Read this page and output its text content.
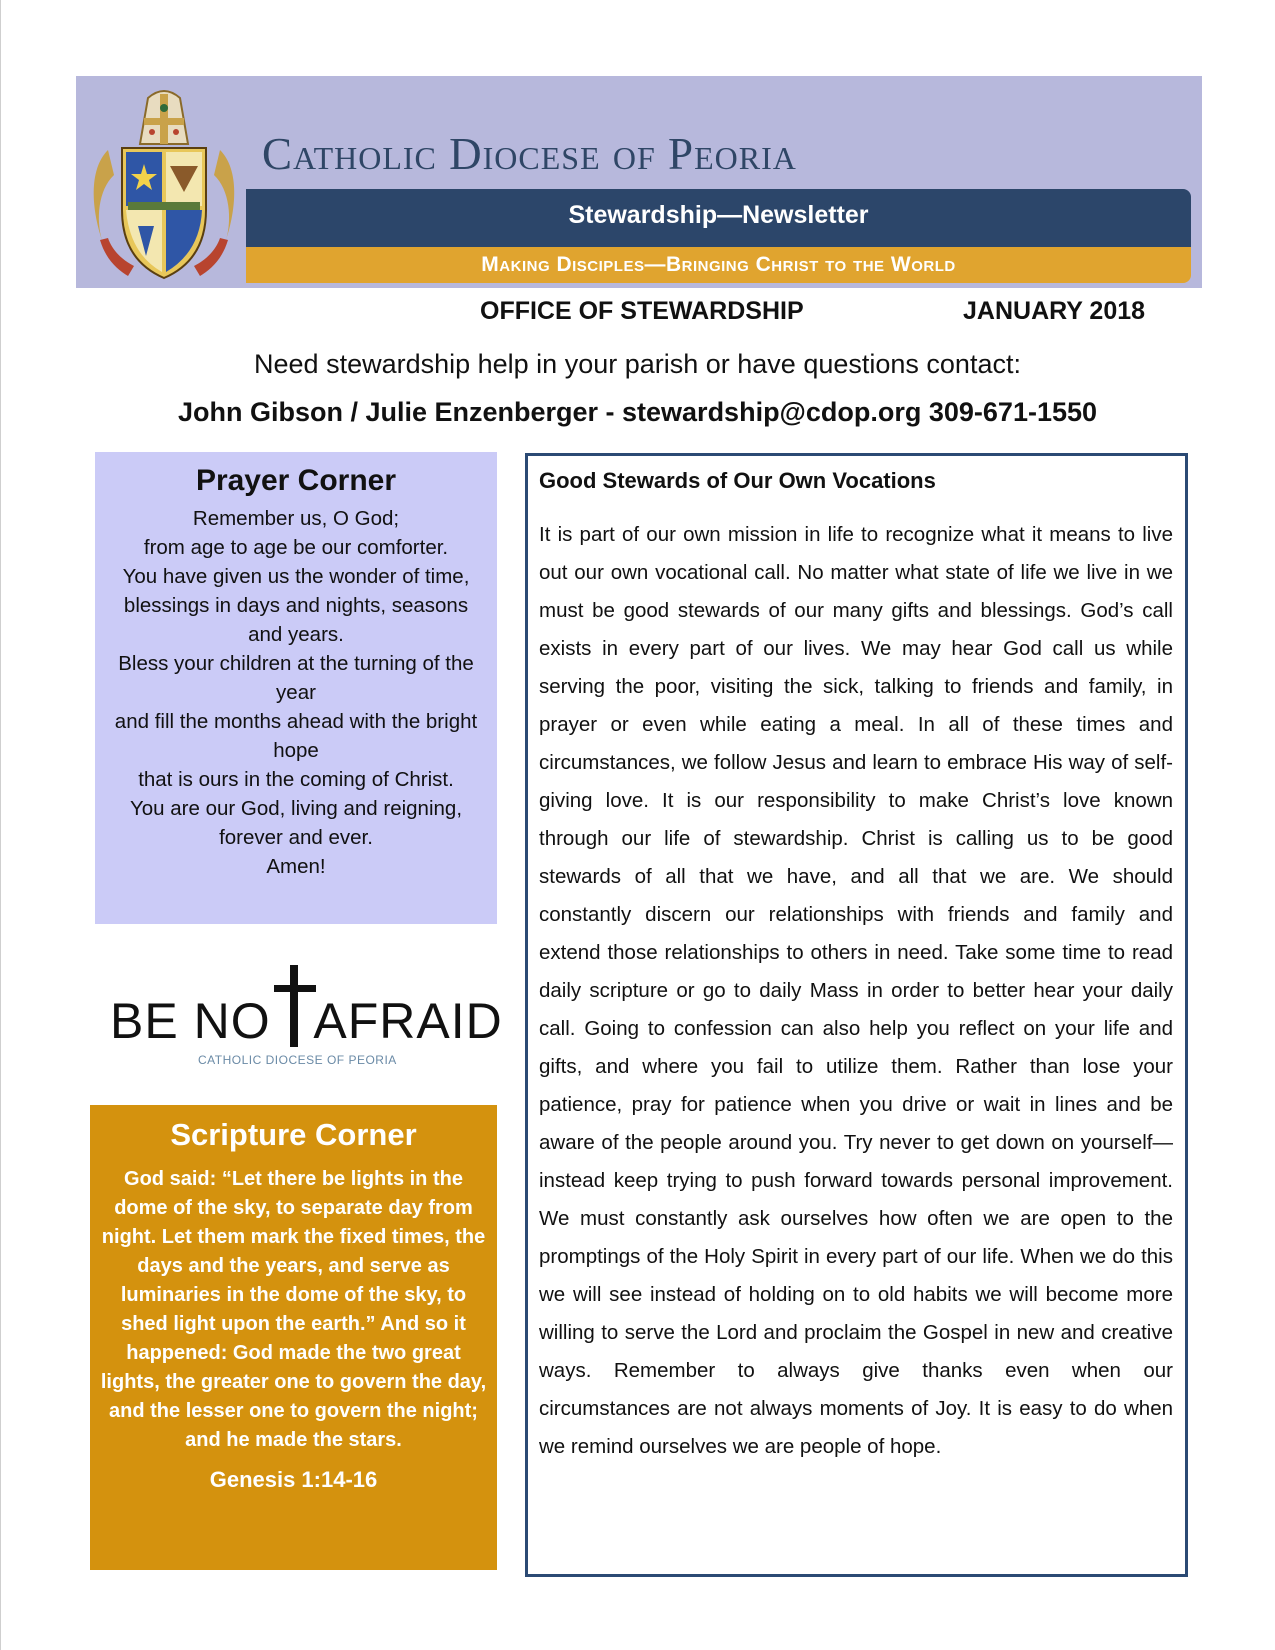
Catholic Diocese of Peoria
Stewardship—Newsletter
Making Disciples—Bringing Christ to the World
OFFICE OF STEWARDSHIP	JANUARY 2018
Need stewardship help in your parish or have questions contact:
John Gibson / Julie Enzenberger - stewardship@cdop.org 309-671-1550
Prayer Corner
Remember us, O God;
from age to age be our comforter.
You have given us the wonder of time,
blessings in days and nights, seasons and years.
Bless your children at the turning of the year
and fill the months ahead with the bright hope
that is ours in the coming of Christ.
You are our God, living and reigning, forever and ever.
Amen!
BE NO AFRAID
CATHOLIC DIOCESE OF PEORIA
Scripture Corner
God said: “Let there be lights in the dome of the sky, to separate day from night. Let them mark the fixed times, the days and the years, and serve as luminaries in the dome of the sky, to shed light upon the earth.” And so it happened: God made the two great lights, the greater one to govern the day, and the lesser one to govern the night; and he made the stars.
Genesis 1:14-16
Good Stewards of Our Own Vocations

It is part of our own mission in life to recognize what it means to live out our own vocational call. No matter what state of life we live in we must be good stewards of our many gifts and blessings. God’s call exists in every part of our lives. We may hear God call us while serving the poor, visiting the sick, talking to friends and family, in prayer or even while eating a meal. In all of these times and circumstances, we follow Jesus and learn to embrace His way of self-giving love. It is our responsibility to make Christ’s love known through our life of stewardship. Christ is calling us to be good stewards of all that we have, and all that we are. We should constantly discern our relationships with friends and family and extend those relationships to others in need. Take some time to read daily scripture or go to daily Mass in order to better hear your daily call. Going to confession can also help you reflect on your life and gifts, and where you fail to utilize them. Rather than lose your patience, pray for patience when you drive or wait in lines and be aware of the people around you. Try never to get down on yourself—instead keep trying to push forward towards personal improvement. We must constantly ask ourselves how often we are open to the promptings of the Holy Spirit in every part of our life. When we do this we will see instead of holding on to old habits we will become more willing to serve the Lord and proclaim the Gospel in new and creative ways. Remember to always give thanks even when our circumstances are not always moments of Joy. It is easy to do when we remind ourselves we are people of hope.
